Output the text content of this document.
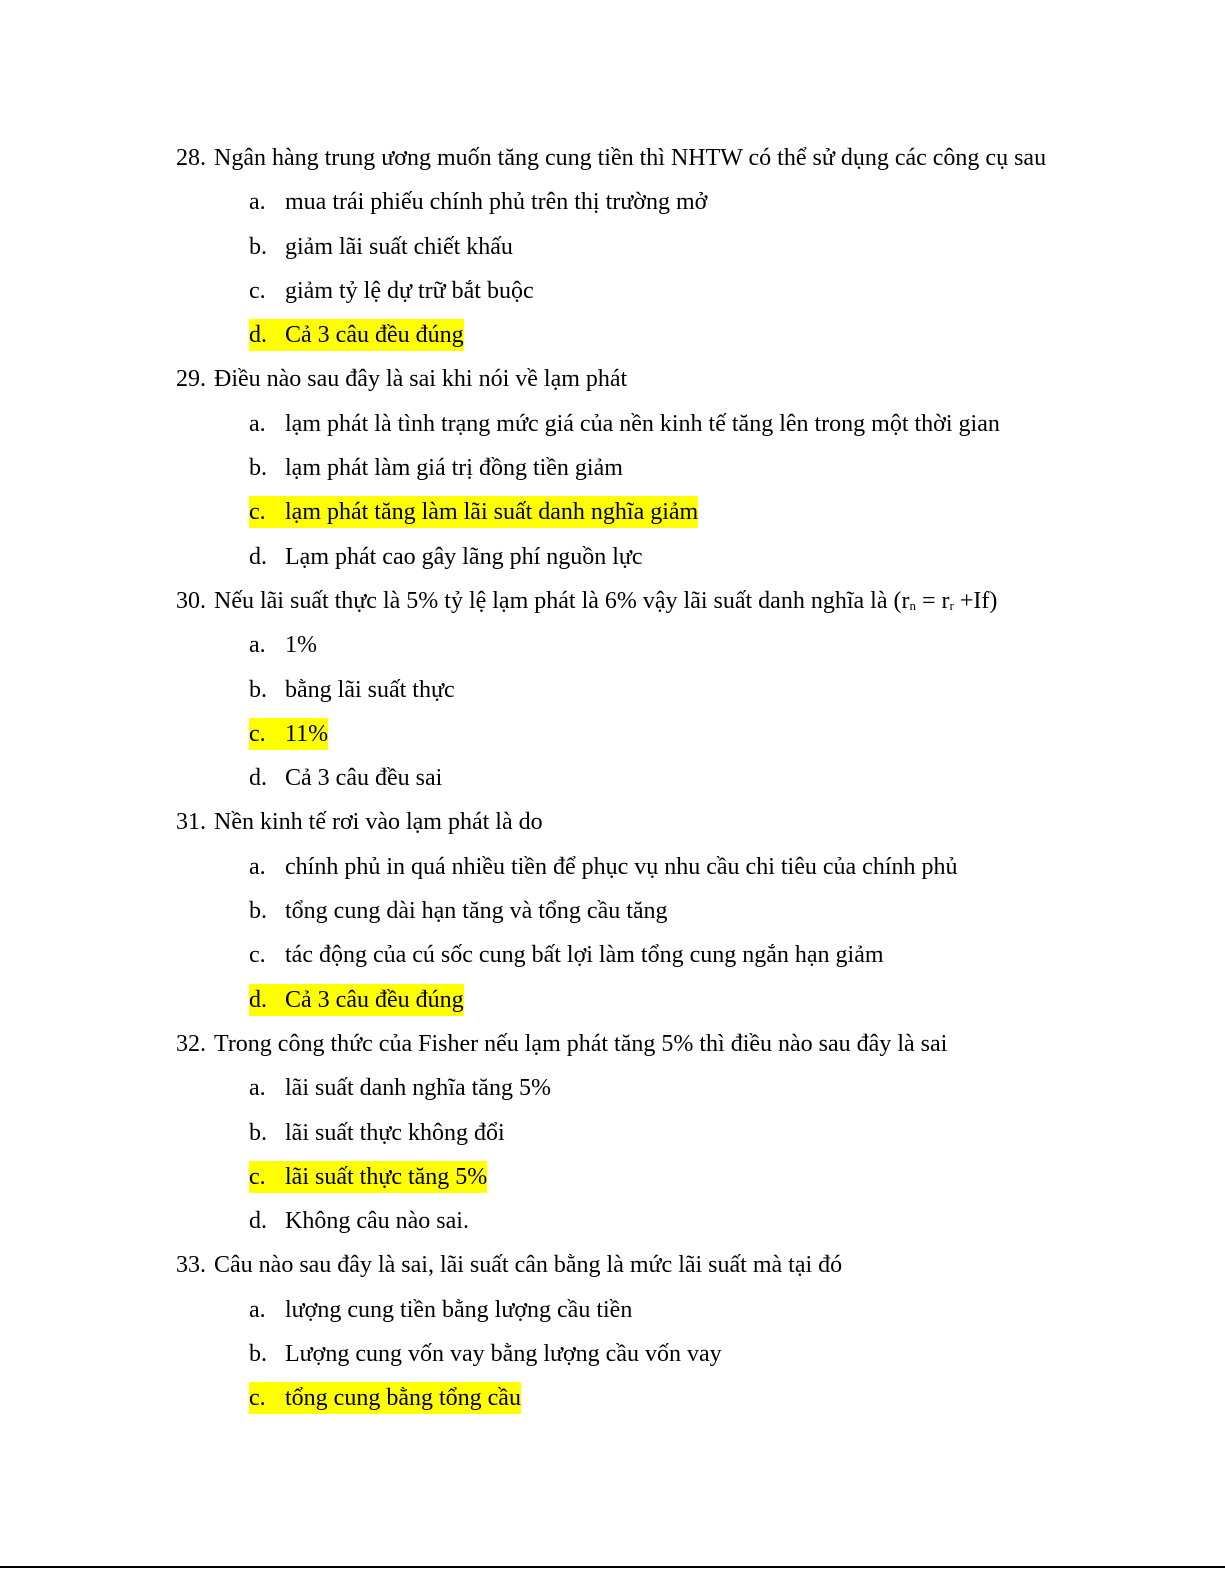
28. Ngân hàng trung ương muốn tăng cung tiền thì NHTW có thể sử dụng các công cụ sau
a. mua trái phiếu chính phủ trên thị trường mở
b. giảm lãi suất chiết khấu
c. giảm tỷ lệ dự trữ bắt buộc
d. Cả 3 câu đều đúng
29. Điều nào sau đây là sai khi nói về lạm phát
a. lạm phát là tình trạng mức giá của nền kinh tế tăng lên trong một thời gian
b. lạm phát làm giá trị đồng tiền giảm
c. lạm phát tăng làm lãi suất danh nghĩa giảm
d. Lạm phát cao gây lãng phí nguồn lực
30. Nếu lãi suất thực là 5% tỷ lệ lạm phát là 6% vậy lãi suất danh nghĩa là $(r_n = r_r +If)$
a. 1%
b. bằng lãi suất thực
c. 11%
d. Cả 3 câu đều sai
31. Nền kinh tế rơi vào lạm phát là do
a. chính phủ in quá nhiều tiền để phục vụ nhu cầu chi tiêu của chính phủ
b. tổng cung dài hạn tăng và tổng cầu tăng
c. tác động của cú sốc cung bất lợi làm tổng cung ngắn hạn giảm
d. Cả 3 câu đều đúng
32. Trong công thức của Fisher nếu lạm phát tăng 5% thì điều nào sau đây là sai
a. lãi suất danh nghĩa tăng 5%
b. lãi suất thực không đổi
c. lãi suất thực tăng 5%
d. Không câu nào sai.
33. Câu nào sau đây là sai, lãi suất cân bằng là mức lãi suất mà tại đó
a. lượng cung tiền bằng lượng cầu tiền
b. Lượng cung vốn vay bằng lượng cầu vốn vay
c. tổng cung bằng tổng cầu
